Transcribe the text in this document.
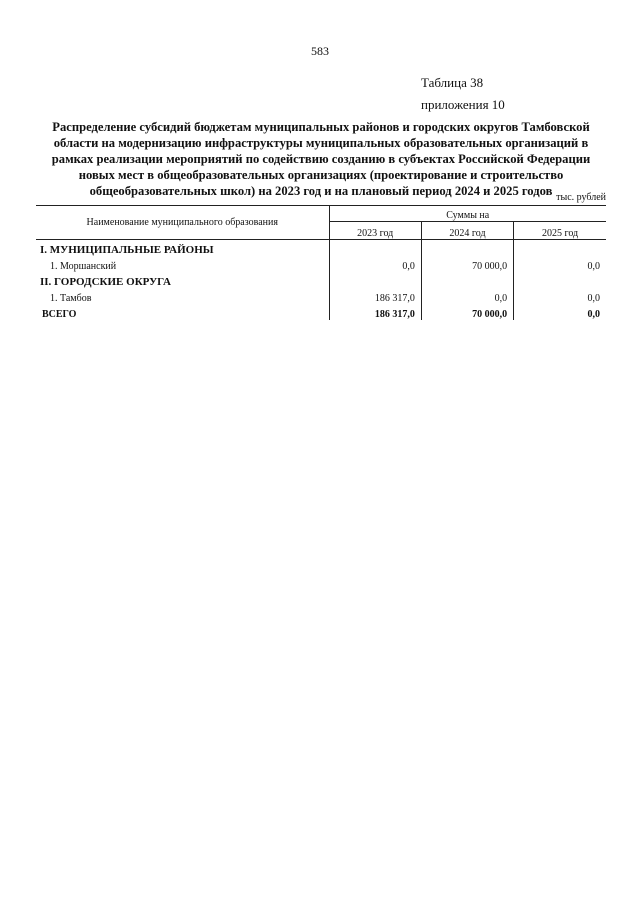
583
Таблица 38
приложения 10
Распределение субсидий бюджетам муниципальных районов и городских округов Тамбовской
области на модернизацию инфраструктуры муниципальных образовательных организаций в
рамках реализации мероприятий по содействию созданию в субъектах Российской Федерации
новых мест в общеобразовательных организациях (проектирование и строительство
общеобразовательных школ) на 2023 год и на плановый период 2024 и 2025 годов тыс. рублей
Наименование муниципального образования	Суммы на		
	2023 год	2024 год	2025 год
I. МУНИЦИПАЛЬНЫЕ РАЙОНЫ			
1. Моршанский	0,0	70 000,0	0,0
II. ГОРОДСКИЕ ОКРУГА			
1. Тамбов	186 317,0	0,0	0,0
ВСЕГО	186 317,0	70 000,0	0,0
